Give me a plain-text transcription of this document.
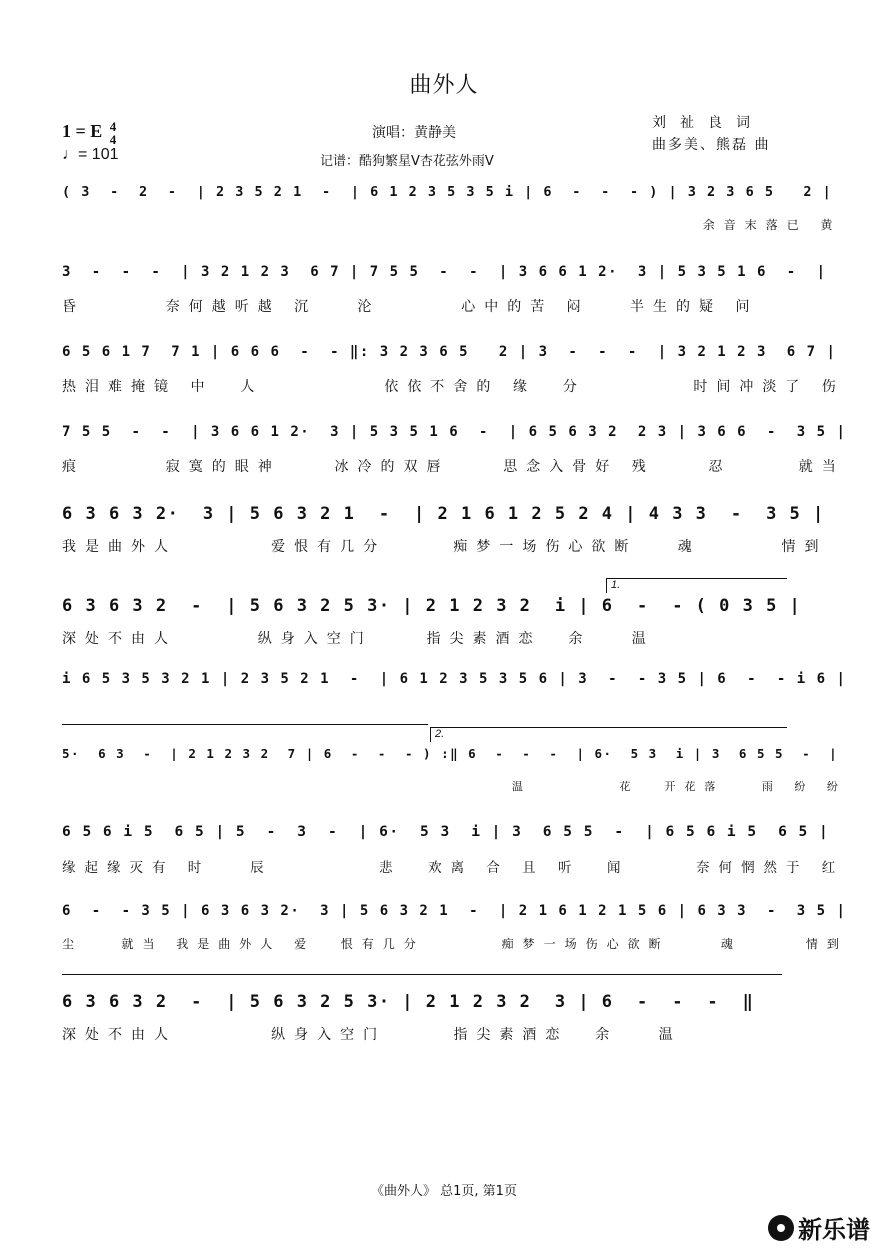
曲外人
1 = E 4
4
♩= 101
演唱：黄静美
记谱：酷狗繁星V杏花弦外雨V
刘祉良词
曲多美、熊磊 曲
( 3  -  2  -  | 2 3 5 2 1  -  | 6 1 2 3 5 3 5 i | 6  -  -  - ) | 3 2 3 6 5   2 |
余音末落已 黄
3  -  -  -  | 3 2 1 2 3  6 7 | 7 5 5  -  -  | 3 6 6 1 2·  3 | 5 3 5 1 6  -  |
昏      奈何越听越 沉   沦      心中的苦 闷   半生的疑 问
6 5 6 1 7  7 1 | 6 6 6  -  - ‖: 3 2 3 6 5   2 | 3  -  -  -  | 3 2 1 2 3  6 7 |
热泪难掩镜 中  人         依依不舍的 缘  分        时间冲淡了 伤
7 5 5  -  -  | 3 6 6 1 2·  3 | 5 3 5 1 6  -  | 6 5 6 3 2  2 3 | 3 6 6  -  3 5 |
痕      寂寞的眼神    冰冷的双唇    思念入骨好 残    忍     就当
6 3 6 3 2·  3 | 5 6 3 2 1  -  | 2 1 6 1 2 5 2 4 | 4 3 3  -  3 5 |
我是曲外人       爱恨有几分     痴梦一场伤心欲断   魂      情到
6 3 6 3 2  -  | 5 6 3 2 5 3· | 2 1 2 3 2  i | 6  -  - ( 0 3 5 |
深处不由人      纵身入空门    指尖素酒恋  余   温
i 6 5 3 5 3 2 1 | 2 3 5 2 1  -  | 6 1 2 3 5 3 5 6 | 3  -  - 3 5 | 6  -  - i 6 |
5·  6 3  -  | 2 1 2 3 2  7 | 6  -  -  - ) :‖ 6  -  -  -  | 6·  5 3  i | 3  6 5 5  -  |
温       花  开花落   雨 纷 纷
6 5 6 i 5  6 5 | 5  -  3  -  | 6·  5 3  i | 3  6 5 5  -  | 6 5 6 i 5  6 5 |
缘起缘灭有 时   辰        悲  欢离 合 且 听  闻     奈何惘然于 红
6  -  - 3 5 | 6 3 6 3 2·  3 | 5 6 3 2 1  -  | 2 1 6 1 2 1 5 6 | 6 3 3  -  3 5 |
尘   就当 我是曲外人 爱  恨有几分      痴梦一场伤心欲断    魂     情到
6 3 6 3 2  -  | 5 6 3 2 5 3· | 2 1 2 3 2  3 | 6  -  -  -  ‖
深处不由人       纵身入空门     指尖素酒恋  余   温
1.
2.
《曲外人》 总1页, 第1页
新乐谱
